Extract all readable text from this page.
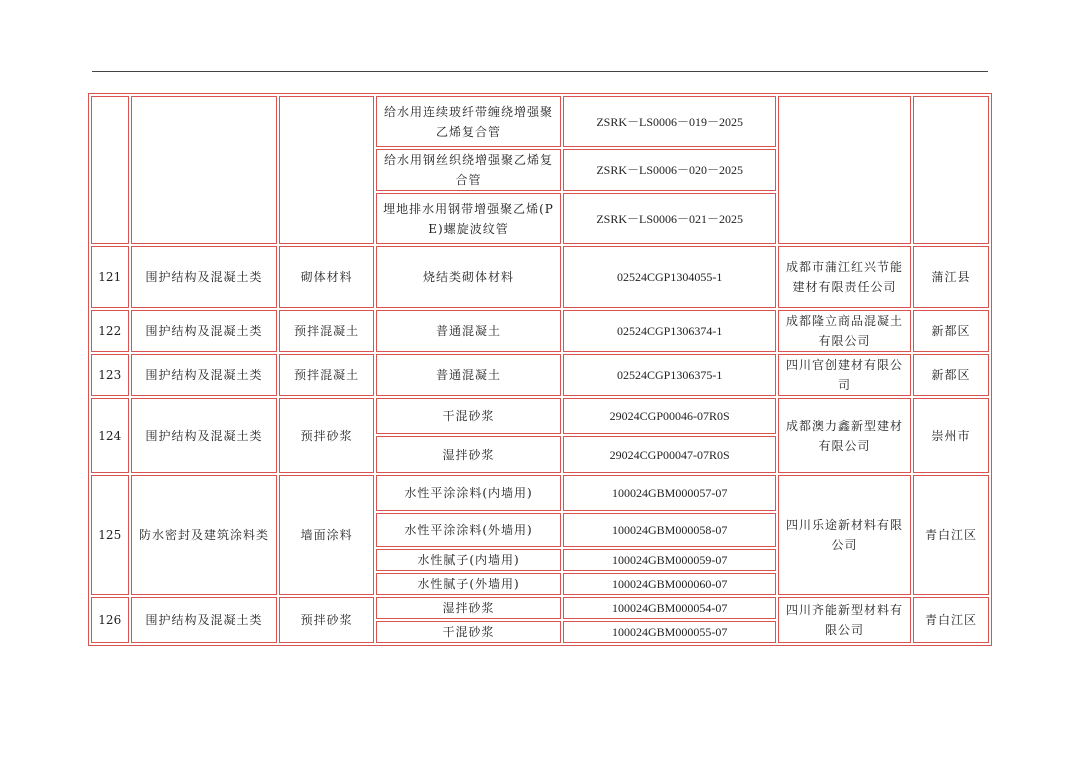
			给水用连续玻纤带缠绕增强聚乙烯复合管	ZSRK－LS0006－019－2025		
			给水用钢丝织绕增强聚乙烯复合管	ZSRK－LS0006－020－2025		
			埋地排水用钢带增强聚乙烯(PE)螺旋波纹管	ZSRK－LS0006－021－2025		
121	围护结构及混凝土类	砌体材料	烧结类砌体材料	02524CGP1304055-1	成都市蒲江红兴节能建材有限责任公司	蒲江县
122	围护结构及混凝土类	预拌混凝土	普通混凝土	02524CGP1306374-1	成都隆立商品混凝土有限公司	新都区
123	围护结构及混凝土类	预拌混凝土	普通混凝土	02524CGP1306375-1	四川官创建材有限公司	新都区
124	围护结构及混凝土类	预拌砂浆	干混砂浆	29024CGP00046-07R0S	成都澳力鑫新型建材有限公司	崇州市
			湿拌砂浆	29024CGP00047-07R0S		
125	防水密封及建筑涂料类	墙面涂料	水性平涂涂料(内墙用)	100024GBM000057-07	四川乐途新材料有限公司	青白江区
			水性平涂涂料(外墙用)	100024GBM000058-07		
			水性腻子(内墙用)	100024GBM000059-07		
			水性腻子(外墙用)	100024GBM000060-07		
126	围护结构及混凝土类	预拌砂浆	湿拌砂浆	100024GBM000054-07	四川齐能新型材料有限公司	青白江区
			干混砂浆	100024GBM000055-07		
